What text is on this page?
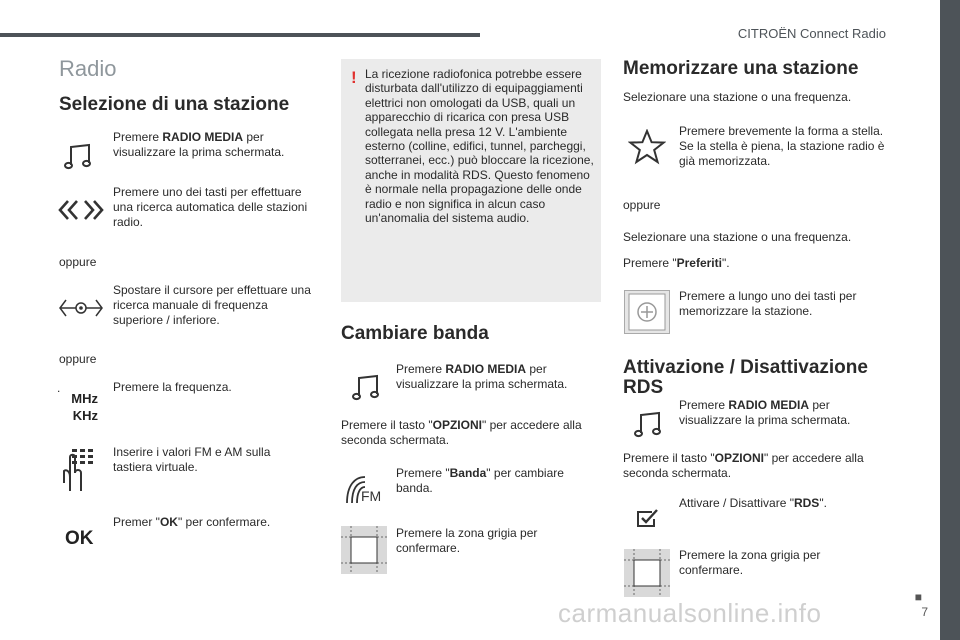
CITROËN Connect Radio
■
7
carmanualsonline.info
Radio
Selezione di una stazione
Premere RADIO MEDIA per visualizzare la prima schermata.
Premere uno dei tasti per effettuare una ricerca automatica delle stazioni radio.
oppure
Spostare il cursore per effettuare una ricerca manuale di frequenza superiore / inferiore.
oppure
.
MHz
KHz
Premere la frequenza.
Inserire i valori FM e AM sulla tastiera virtuale.
OK
Premer "OK" per confermare.
! La ricezione radiofonica potrebbe essere disturbata dall'utilizzo di equipaggiamenti elettrici non omologati da USB, quali un apparecchio di ricarica con presa USB collegata nella presa 12 V. L'ambiente esterno (colline, edifici, tunnel, parcheggi, sotterranei, ecc.) può bloccare la ricezione, anche in modalità RDS. Questo fenomeno è normale nella propagazione delle onde radio e non significa in alcun caso un'anomalia del sistema audio.
Cambiare banda
Premere RADIO MEDIA per visualizzare la prima schermata.
Premere il tasto "OPZIONI" per accedere alla seconda schermata.
FM
Premere "Banda" per cambiare banda.
Premere la zona grigia per confermare.
Memorizzare una stazione
Selezionare una stazione o una frequenza.
Premere brevemente la forma a stella. Se la stella è piena, la stazione radio è già memorizzata.
oppure
Selezionare una stazione o una frequenza.
Premere "Preferiti".
Premere a lungo uno dei tasti per memorizzare la stazione.
Attivazione / Disattivazione
RDS
Premere RADIO MEDIA per visualizzare la prima schermata.
Premere il tasto "OPZIONI" per accedere alla seconda schermata.
Attivare / Disattivare "RDS".
Premere la zona grigia per confermare.
